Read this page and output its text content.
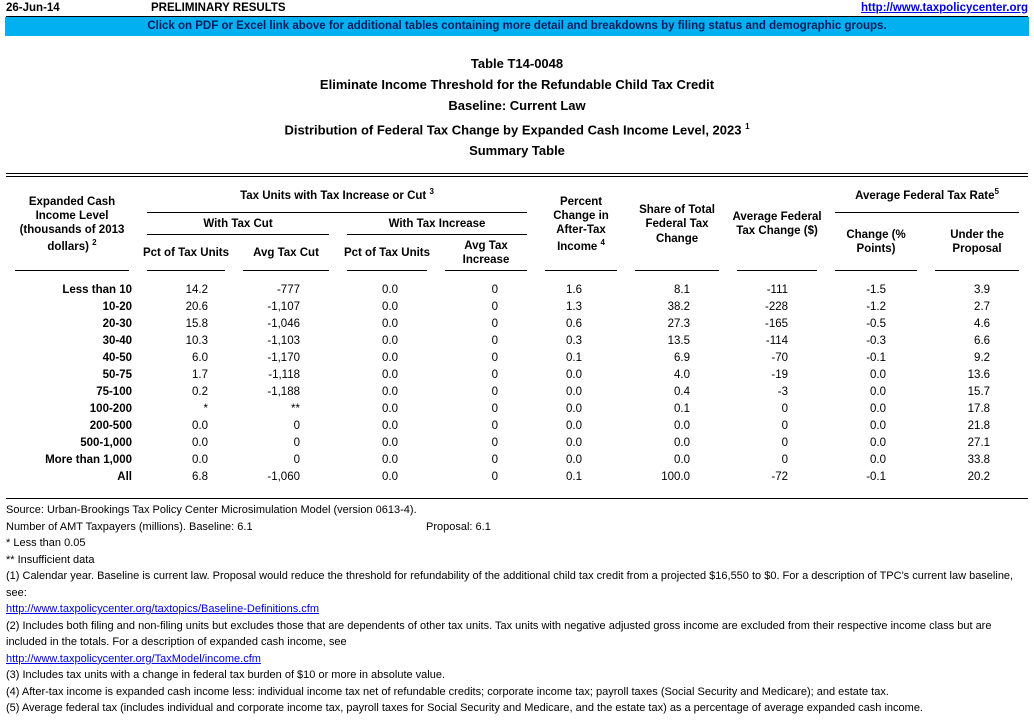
26-Jun-14	PRELIMINARY RESULTS	http://www.taxpolicycenter.org
Click on PDF or Excel link above for additional tables containing more detail and breakdowns by filing status and demographic groups.
Table T14-0048
Eliminate Income Threshold for the Refundable Child Tax Credit
Baseline: Current Law
Distribution of Federal Tax Change by Expanded Cash Income Level, 2023 $^1$
Summary Table
Expanded Cash Income Level (thousands of 2013 dollars) $^2$	Tax Units with Tax Increase or Cut $^3$				Percent Change in After-Tax Income $^4$	Share of Total Federal Tax Change	Average Federal Tax Change ($)	Average Federal Tax Rate$^5$
	With Tax Cut		With Tax Increase					Change (% Points)	Under the Proposal
	Pct of Tax Units	Avg Tax Cut	Pct of Tax Units	Avg Tax Increase					
Less than 10	14.2	-777	0.0	0	1.6	8.1	-111	-1.5	3.9
10-20	20.6	-1,107	0.0	0	1.3	38.2	-228	-1.2	2.7
20-30	15.8	-1,046	0.0	0	0.6	27.3	-165	-0.5	4.6
30-40	10.3	-1,103	0.0	0	0.3	13.5	-114	-0.3	6.6
40-50	6.0	-1,170	0.0	0	0.1	6.9	-70	-0.1	9.2
50-75	1.7	-1,118	0.0	0	0.0	4.0	-19	0.0	13.6
75-100	0.2	-1,188	0.0	0	0.0	0.4	-3	0.0	15.7
100-200	*	**	0.0	0	0.0	0.1	0	0.0	17.8
200-500	0.0	0	0.0	0	0.0	0.0	0	0.0	21.8
500-1,000	0.0	0	0.0	0	0.0	0.0	0	0.0	27.1
More than 1,000	0.0	0	0.0	0	0.0	0.0	0	0.0	33.8
All	6.8	-1,060	0.0	0	0.1	100.0	-72	-0.1	20.2

Source: Urban-Brookings Tax Policy Center Microsimulation Model (version 0613-4).

Number of AMT Taxpayers (millions). Baseline: 6.1	Proposal: 6.1

* Less than 0.05

** Insufficient data

(1) Calendar year. Baseline is current law. Proposal would reduce the threshold for refundability of the additional child tax credit from a projected $16,550 to $0. For a description of TPC's current law baseline, see:

http://www.taxpolicycenter.org/taxtopics/Baseline-Definitions.cfm

(2) Includes both filing and non-filing units but excludes those that are dependents of other tax units. Tax units with negative adjusted gross income are excluded from their respective income class but are included in the totals. For a description of expanded cash income, see

http://www.taxpolicycenter.org/TaxModel/income.cfm

(3) Includes tax units with a change in federal tax burden of $10 or more in absolute value.

(4) After-tax income is expanded cash income less: individual income tax net of refundable credits; corporate income tax; payroll taxes (Social Security and Medicare); and estate tax.

(5) Average federal tax (includes individual and corporate income tax, payroll taxes for Social Security and Medicare, and the estate tax) as a percentage of average expanded cash income.
